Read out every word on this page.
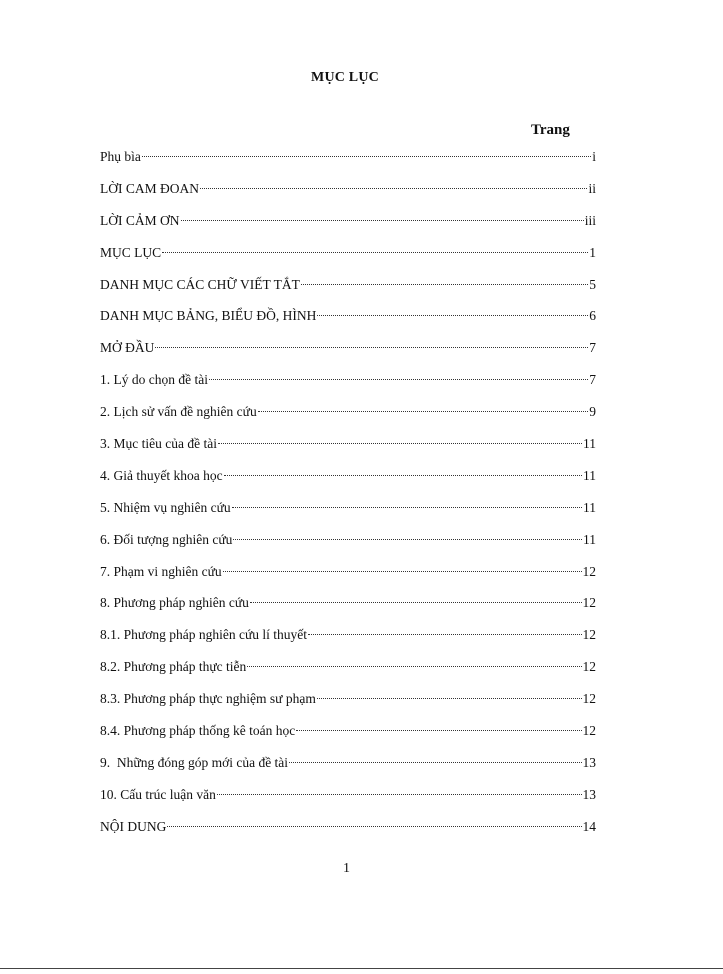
MỤC LỤC
Trang
Phụ bìa	i
LỜI CAM ĐOAN	ii
LỜI CẢM ƠN	iii
MỤC LỤC	1
DANH MỤC CÁC CHỮ VIẾT TẮT	5
DANH MỤC BẢNG, BIỂU ĐỒ, HÌNH	6
MỞ ĐẦU	7
1. Lý do chọn đề tài	7
2. Lịch sử vấn đề nghiên cứu	9
3. Mục tiêu của đề tài	11
4. Giả thuyết khoa học	11
5. Nhiệm vụ nghiên cứu	11
6. Đối tượng nghiên cứu	11
7. Phạm vi nghiên cứu	12
8. Phương pháp nghiên cứu	12
8.1. Phương pháp nghiên cứu lí thuyết	12
8.2. Phương pháp thực tiễn	12
8.3. Phương pháp thực nghiệm sư phạm	12
8.4. Phương pháp thống kê toán học	12
9.  Những đóng góp mới của đề tài	13
10. Cấu trúc luận văn	13
NỘI DUNG	14
1
